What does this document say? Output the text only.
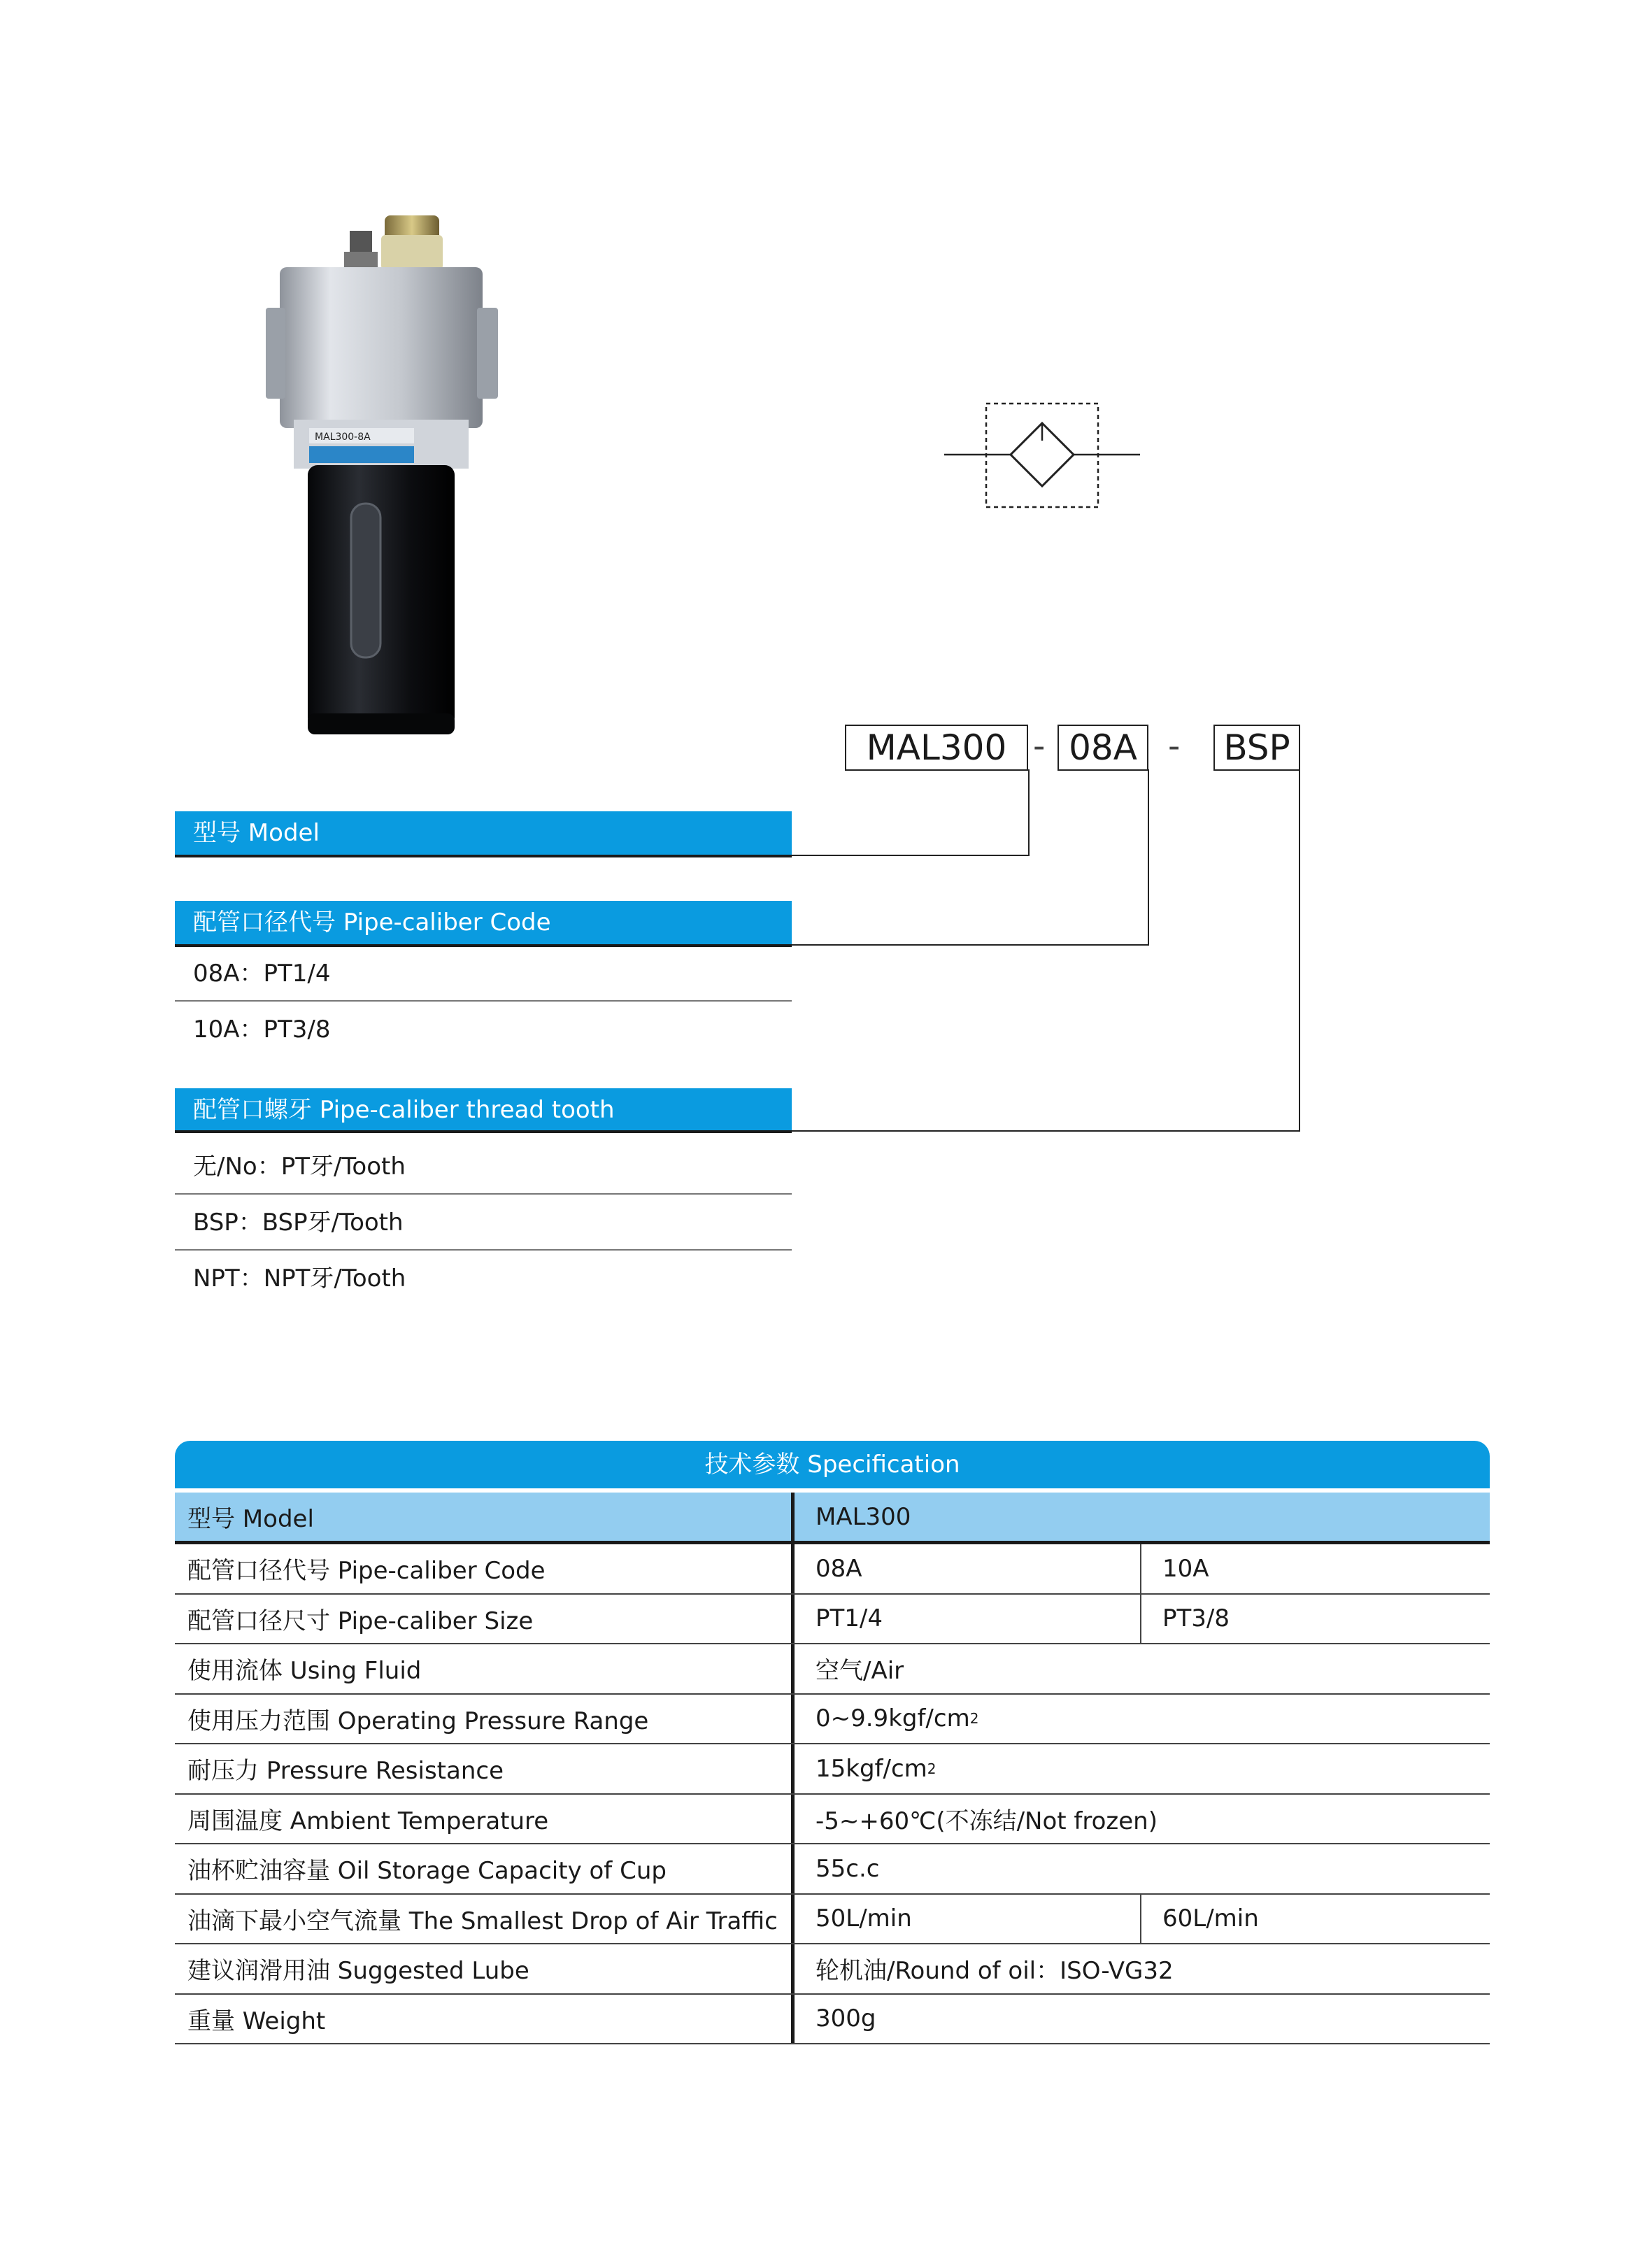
MAL300-8A
MAL300 - 08A - BSP
型号 Model
配管口径代号 Pipe-caliber Code
08A：PT1/4
10A：PT3/8
配管口螺牙 Pipe-caliber thread tooth
无/No：PT牙/Tooth
BSP：BSP牙/Tooth
NPT：NPT牙/Tooth
技术参数 Specification
型号 Model	MAL300
配管口径代号 Pipe-caliber Code	08A	10A
配管口径尺寸 Pipe-caliber Size	PT1/4	PT3/8
使用流体 Using Fluid	空气/Air
使用压力范围 Operating Pressure Range	0~9.9kgf/cm 2
耐压力 Pressure Resistance	15kgf/cm 2
周围温度 Ambient Temperature	-5~+60℃(不冻结/Not frozen)
油杯贮油容量 Oil Storage Capacity of Cup	55c.c
油滴下最小空气流量 The Smallest Drop of Air Traffic	50L/min	60L/min
建议润滑用油 Suggested Lube	轮机油/Round of oil：ISO-VG32
重量 Weight	300g
